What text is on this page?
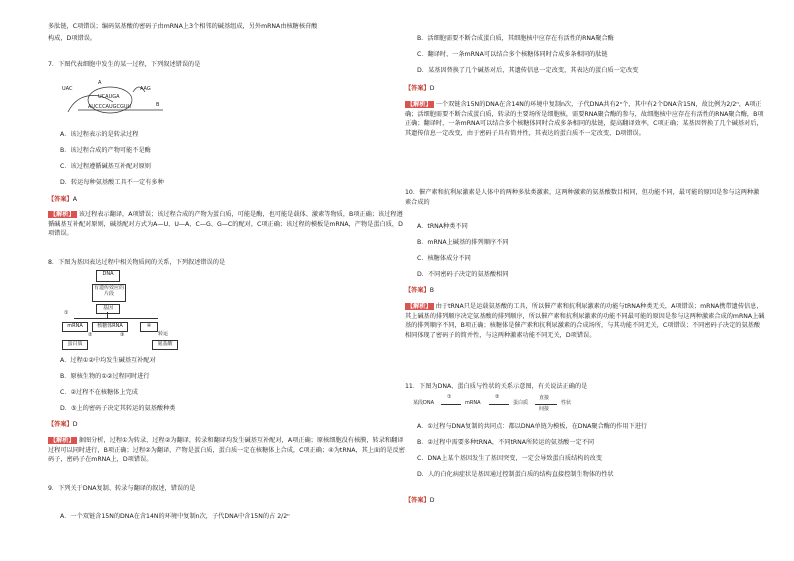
多肽链，C项错误；编码氨基酸的密码子由mRNA上3个相邻的碱基组成，另外mRNA由核糖核苷酸
构成，D项错误。
7．下图代表细胞中发生的某一过程，下列叙述错误的是
UAC	AAG
UCAUGA
AUCCCAUGCGUU
A
B
A．该过程表示的是转录过程
B．该过程合成的产物可能不是酶
C．该过程遵循碱基互补配对原则
D．转运每种氨基酸工具不一定有多种
【答案】A
【解析】 该过程表示翻译，A项错误；该过程合成的产物为蛋白质，可能是酶，也可能是载体、激素等物质，B项正确；该过程遵循碱基互补配对原则，碱基配对方式为A—U、U—A、C—G、G—C的配对，C项正确；该过程的模板是mRNA，产物是蛋白质，D项错误。
8．下图为基因表达过程中相关物质间的关系，下列叙述错误的是
DNA
有遗传效应的片段
基因
mRNA	核糖体RNA	④
蛋白质	氨基酸
①
②	③	转运
A．过程①②中均发生碱基互补配对
B．原核生物的①②过程同时进行
C．②过程不在核糖体上完成
D．⑤上的密码子决定其转运的氨基酸种类
【答案】D
【解析】 据图分析，过程①为转录，过程②为翻译，转录和翻译均发生碱基互补配对，A项正确；原核细胞没有核膜，转录和翻译过程可以同时进行，B项正确；过程②为翻译，产物是蛋白质，蛋白质一定在核糖体上合成，C项正确；④为tRNA，其上面的是反密码子，密码子在mRNA上，D项错误。
9．下列关于DNA复制、转录与翻译的叙述，错误的是
A．一个双链含15N的DNA在含14N的环境中复制n次，子代DNA中含15N的占 2/2ⁿ
B．活细胞需要不断合成蛋白质，其细胞核中应存在有活性的RNA聚合酶
C．翻译时，一条mRNA可以结合多个核糖体同时合成多条相同的肽链
D．某基因替换了几个碱基对后，其遗传信息一定改变，其表达的蛋白质一定改变
【答案】D
【解析】 一个双链含15N的DNA在含14N的环境中复制n次，子代DNA共有2ⁿ个，其中有2个DNA含15N，故比例为2/2ⁿ，A项正确；活细胞需要不断合成蛋白质，转录的主要场所是细胞核，需要RNA聚合酶的参与，故细胞核中应存在有活性的RNA聚合酶，B项正确；翻译时，一条mRNA可以结合多个核糖体同时合成多条相同的肽链，提高翻译效率，C项正确；某基因替换了几个碱基对后，其遗传信息一定改变，由于密码子具有简并性，其表达的蛋白质不一定改变，D项错误。
10．催产素和抗利尿激素是人体中的两种多肽类激素，这两种激素的氨基酸数目相同，但功能不同，最可能的原因是参与这两种激素合成的
A．tRNA种类不同
B．mRNA上碱基的排列顺序不同
C．核糖体成分不同
D．不同密码子决定的氨基酸相同
【答案】B
【解析】 由于tRNA只是运载氨基酸的工具，所以催产素和抗利尿激素的功能与tRNA种类无关，A项错误；mRNA携带遗传信息，其上碱基的排列顺序决定氨基酸的排列顺序，所以催产素和抗利尿激素的功能不同最可能的原因是参与这两种激素合成的mRNA上碱基的排列顺序不同，B项正确；核糖体是催产素和抗利尿激素的合成场所，与其功能不同无关，C项错误；不同密码子决定的氨基酸相同体现了密码子的简并性，与这两种激素功能不同无关，D项错误。
11．下图为DNA、蛋白质与性状的关系示意图，有关说法正确的是
某段DNA
①
mRNA
②
蛋白质
直接
间接
性状
A．①过程与DNA复制的共同点：都以DNA单链为模板，在DNA聚合酶的作用下进行
B．②过程中需要多种tRNA，不同tRNA所转运的氨基酸一定不同
C．DNA上某个基因发生了基因突变，一定会导致蛋白质结构的改变
D．人的白化病症状是基因通过控制蛋白质的结构直接控制生物体的性状
【答案】D
